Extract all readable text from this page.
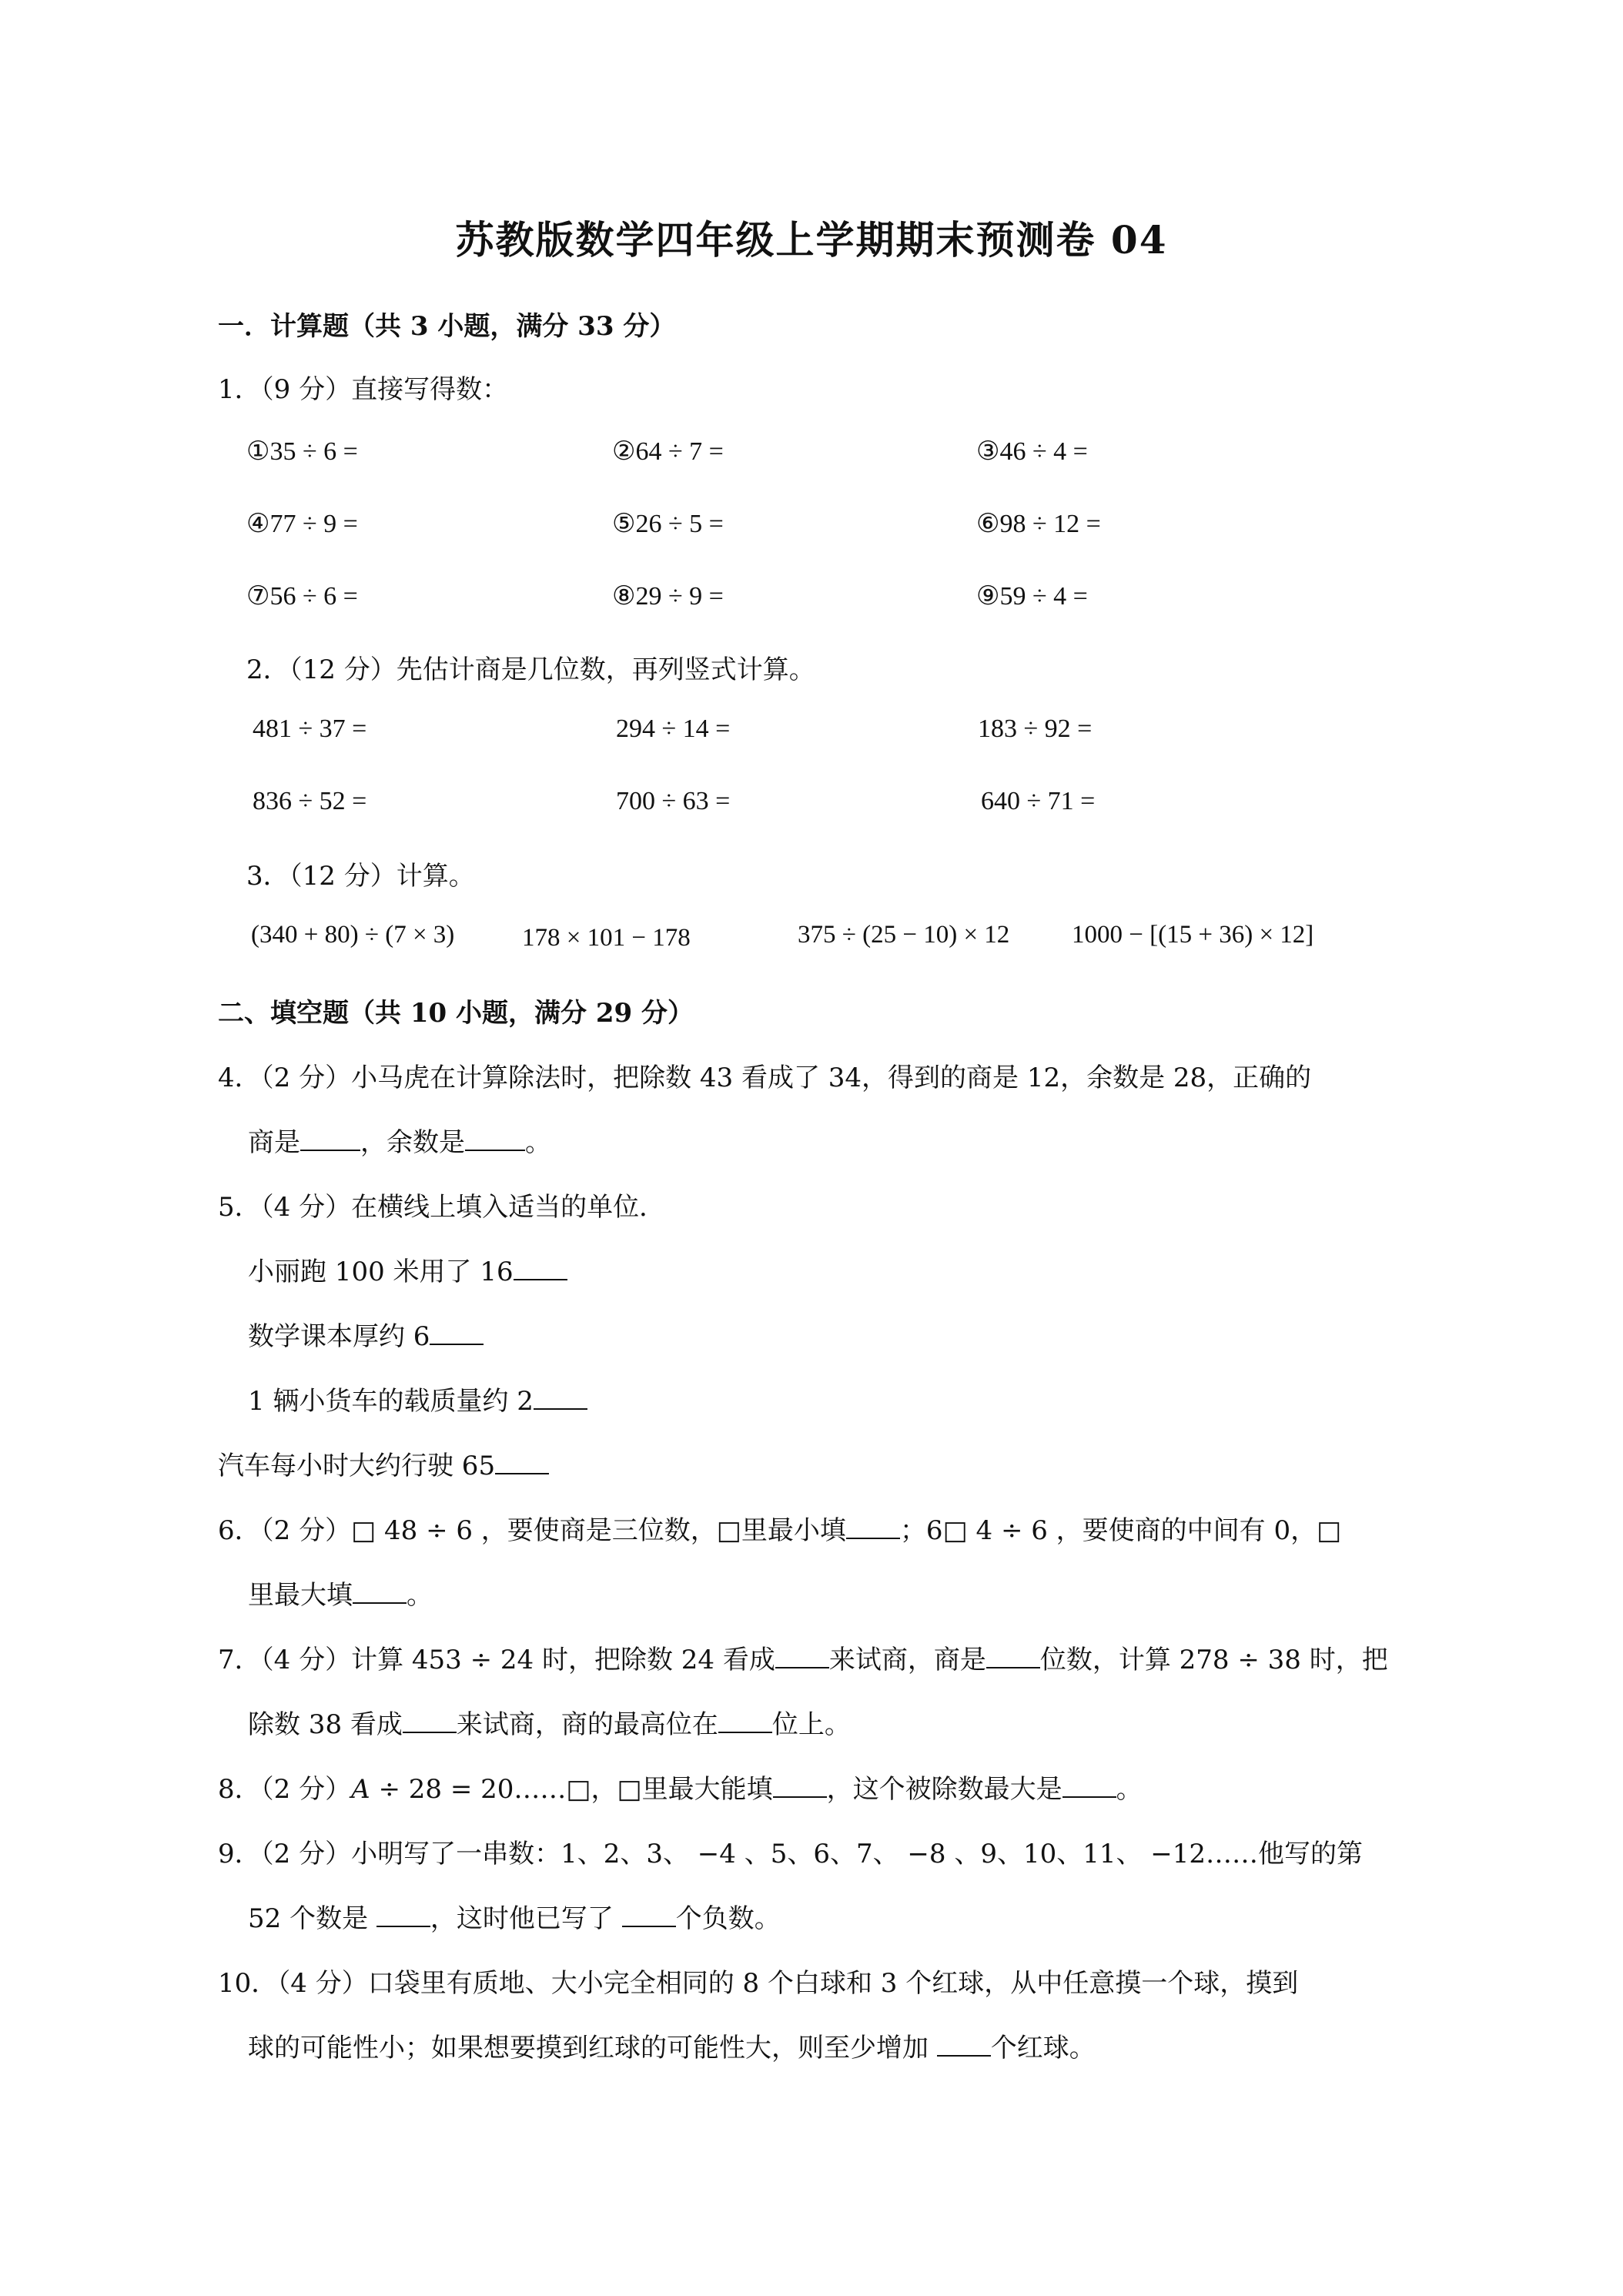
苏教版数学四年级上学期期末预测卷 04
一．计算题（共 3 小题，满分 33 分）
1．（9 分）直接写得数：
①35 ÷ 6 =	②64 ÷ 7 =	③46 ÷ 4 =
④77 ÷ 9 =	⑤26 ÷ 5 =	⑥98 ÷ 12 =
⑦56 ÷ 6 =	⑧29 ÷ 9 =	⑨59 ÷ 4 =
2．（12 分）先估计商是几位数，再列竖式计算。
481 ÷ 37 =	294 ÷ 14 =	183 ÷ 92 =
836 ÷ 52 =	700 ÷ 63 =	640 ÷ 71 =
3．（12 分）计算。
(340 + 80) ÷ (7 × 3)	178 × 101 − 178	375 ÷ (25 − 10) × 12 1000 − [(15 + 36) × 12]
二、填空题（共 10 小题，满分 29 分）
4．（2 分）小马虎在计算除法时，把除数 43 看成了 34，得到的商是 12，余数是 28，正确的
商是 ，余数是 。
5．（4 分）在横线上填入适当的单位．
小丽跑 100 米用了 16
数学课本厚约 6
1 辆小货车的载质量约 2
汽车每小时大约行驶 65
6．（2 分）□ 48 ÷ 6 ，要使商是三位数，□里最小填 ；6□ 4 ÷ 6 ，要使商的中间有 0，□
里最大填 。
7．（4 分）计算 453 ÷ 24 时，把除数 24 看成 来试商，商是 位数，计算 278 ÷ 38 时，把
除数 38 看成 来试商，商的最高位在 位上。
8．（2 分）A ÷ 28 = 20……□，□里最大能填 ，这个被除数最大是 。
9．（2 分）小明写了一串数：1、2、3、 −4 、5、6、7、 −8 、9、10、11、 −12……他写的第
52 个数是 ，这时他已写了 个负数。
10．（4 分）口袋里有质地、大小完全相同的 8 个白球和 3 个红球，从中任意摸一个球，摸到
球的可能性小；如果想要摸到红球的可能性大，则至少增加 个红球。
